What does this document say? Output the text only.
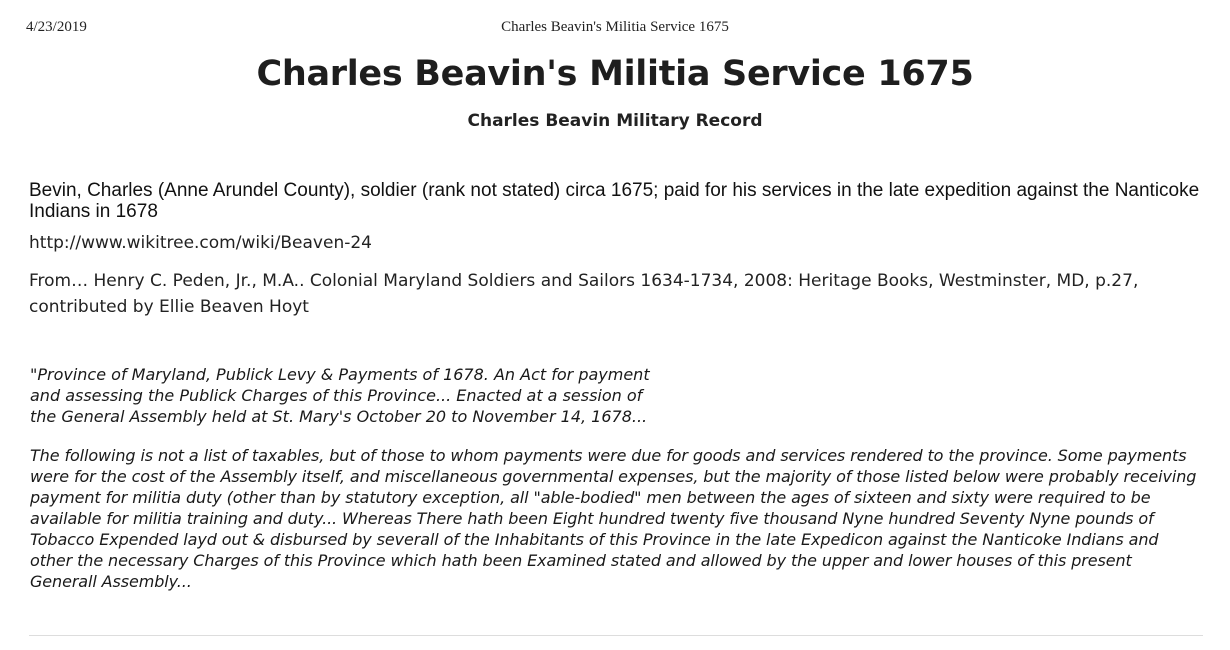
4/23/2019	Charles Beavin's Militia Service 1675
Charles Beavin's Militia Service 1675
Charles Beavin Military Record

Bevin, Charles (Anne Arundel County), soldier (rank not stated) circa 1675; paid for his services in the late expedition against the Nanticoke Indians in 1678

http://www.wikitree.com/wiki/Beaven-24

From… Henry C. Peden, Jr., M.A.. Colonial Maryland Soldiers and Sailors 1634-1734, 2008: Heritage Books, Westminster, MD, p.27, contributed by Ellie Beaven Hoyt

"Province of Maryland, Publick Levy & Payments of 1678. An Act for payment and assessing the Publick Charges of this Province... Enacted at a session of the General Assembly held at St. Mary's October 20 to November 14, 1678...

The following is not a list of taxables, but of those to whom payments were due for goods and services rendered to the province. Some payments were for the cost of the Assembly itself, and miscellaneous governmental expenses, but the majority of those listed below were probably receiving payment for militia duty (other than by statutory exception, all "able-bodied" men between the ages of sixteen and sixty were required to be available for militia training and duty... Whereas There hath been Eight hundred twenty five thousand Nyne hundred Seventy Nyne pounds of Tobacco Expended layd out & disbursed by severall of the Inhabitants of this Province in the late Expedicon against the Nanticoke Indians and other the necessary Charges of this Province which hath been Examined stated and allowed by the upper and lower houses of this present Generall Assembly...
